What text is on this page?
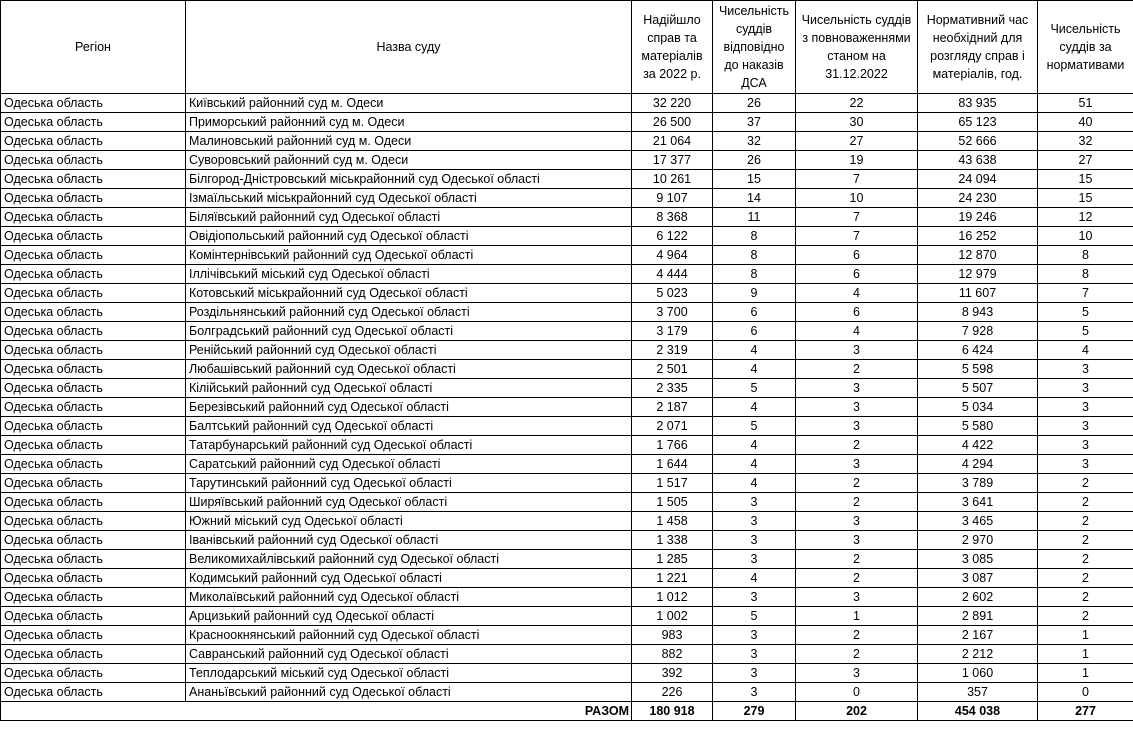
Регіон	Назва суду	Надійшло справ та матеріалів за 2022 р.	Чисельність суддів відповідно до наказів ДСА	Чисельність суддів з повноваженнями станом на 31.12.2022	Нормативний час необхідний для розгляду справ і матеріалів, год.	Чисельність суддів за нормативами
Одеська область	Київський районний суд м. Одеси	32 220	26	22	83 935	51
Одеська область	Приморський районний суд м. Одеси	26 500	37	30	65 123	40
Одеська область	Малиновський районний суд м. Одеси	21 064	32	27	52 666	32
Одеська область	Суворовський районний суд м. Одеси	17 377	26	19	43 638	27
Одеська область	Білгород-Дністровський міськрайонний суд Одеської області	10 261	15	7	24 094	15
Одеська область	Ізмаїльський міськрайонний суд Одеської області	9 107	14	10	24 230	15
Одеська область	Біляївський районний суд Одеської області	8 368	11	7	19 246	12
Одеська область	Овідіопольський районний суд Одеської області	6 122	8	7	16 252	10
Одеська область	Комінтернівський районний суд Одеської області	4 964	8	6	12 870	8
Одеська область	Іллічівський міський суд Одеської області	4 444	8	6	12 979	8
Одеська область	Котовський міськрайонний суд Одеської області	5 023	9	4	11 607	7
Одеська область	Роздільнянський районний суд Одеської області	3 700	6	6	8 943	5
Одеська область	Болградський районний суд Одеської області	3 179	6	4	7 928	5
Одеська область	Ренійський районний суд Одеської області	2 319	4	3	6 424	4
Одеська область	Любашівський районний суд Одеської області	2 501	4	2	5 598	3
Одеська область	Кілійський районний суд Одеської області	2 335	5	3	5 507	3
Одеська область	Березівський районний суд Одеської області	2 187	4	3	5 034	3
Одеська область	Балтський районний суд Одеської області	2 071	5	3	5 580	3
Одеська область	Татарбунарський районний суд Одеської області	1 766	4	2	4 422	3
Одеська область	Саратський районний суд Одеської області	1 644	4	3	4 294	3
Одеська область	Тарутинський районний суд Одеської області	1 517	4	2	3 789	2
Одеська область	Ширяївський районний суд Одеської області	1 505	3	2	3 641	2
Одеська область	Южний міський суд Одеської області	1 458	3	3	3 465	2
Одеська область	Іванівський районний суд Одеської області	1 338	3	3	2 970	2
Одеська область	Великомихайлівський районний суд Одеської області	1 285	3	2	3 085	2
Одеська область	Кодимський районний суд Одеської області	1 221	4	2	3 087	2
Одеська область	Миколаївський районний суд Одеської області	1 012	3	3	2 602	2
Одеська область	Арцизький районний суд Одеської області	1 002	5	1	2 891	2
Одеська область	Красноокнянський районний суд Одеської області	983	3	2	2 167	1
Одеська область	Савранський районний суд Одеської області	882	3	2	2 212	1
Одеська область	Теплодарський міський суд Одеської області	392	3	3	1 060	1
Одеська область	Ананьївський районний суд Одеської області	226	3	0	357	0
РАЗОМ		180 918	279	202	454 038	277
